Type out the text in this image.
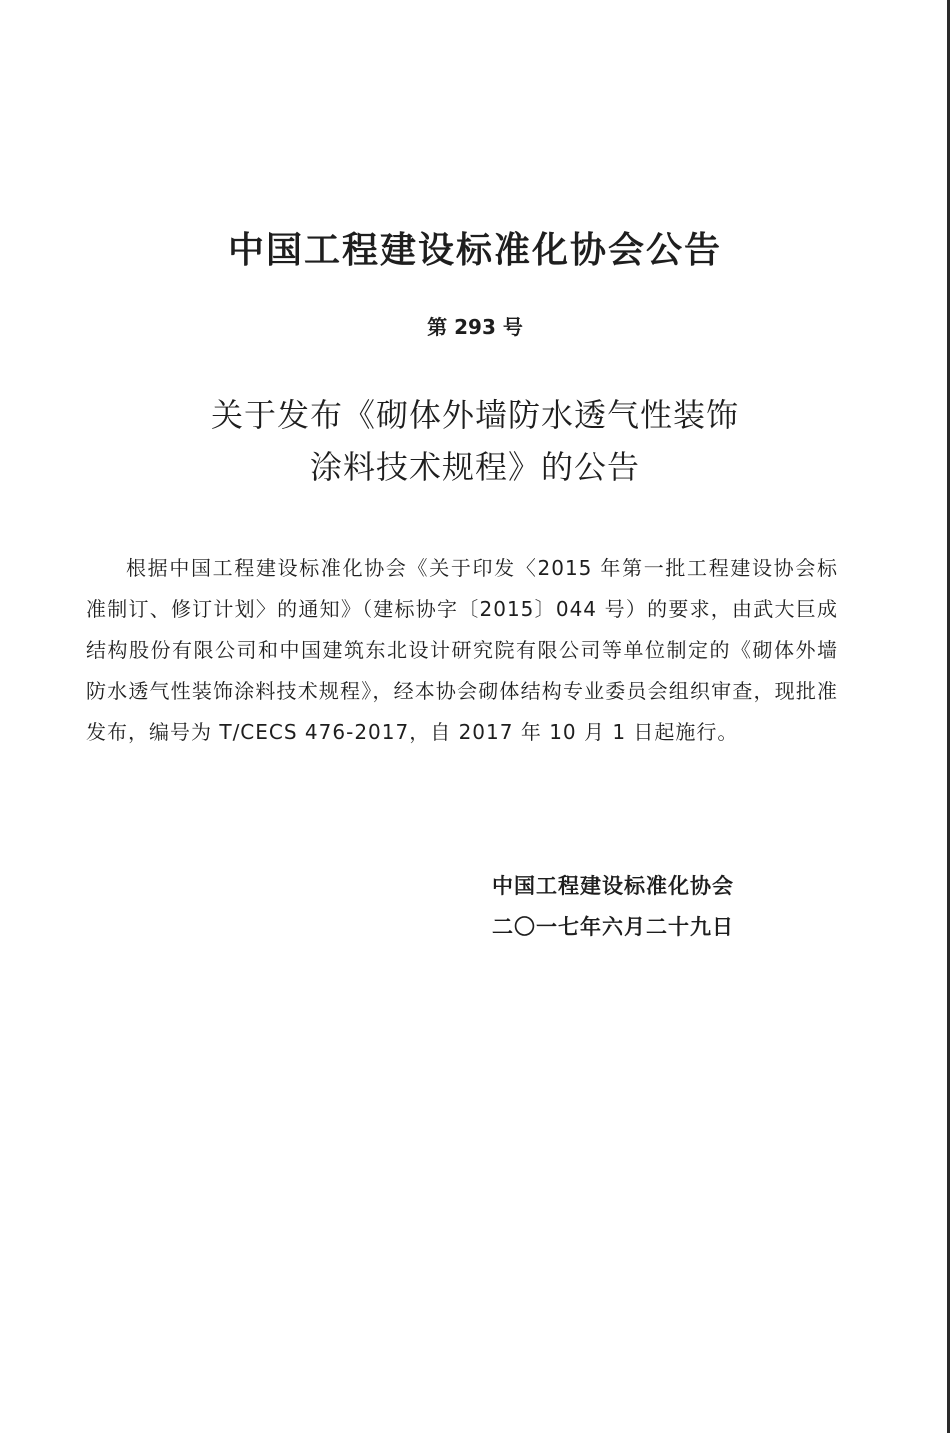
中国工程建设标准化协会公告
第 293 号
关于发布《砌体外墙防水透气性装饰
涂料技术规程》的公告
根据中国工程建设标准化协会《关于印发〈2015 年第一批工程建设协会标准制订、修订计划〉的通知》（建标协字〔2015〕044 号）的要求，由武大巨成结构股份有限公司和中国建筑东北设计研究院有限公司等单位制定的《砌体外墙防水透气性装饰涂料技术规程》，经本协会砌体结构专业委员会组织审查，现批准发布，编号为 T/CECS 476-2017，自 2017 年 10 月 1 日起施行。
中国工程建设标准化协会
二〇一七年六月二十九日
